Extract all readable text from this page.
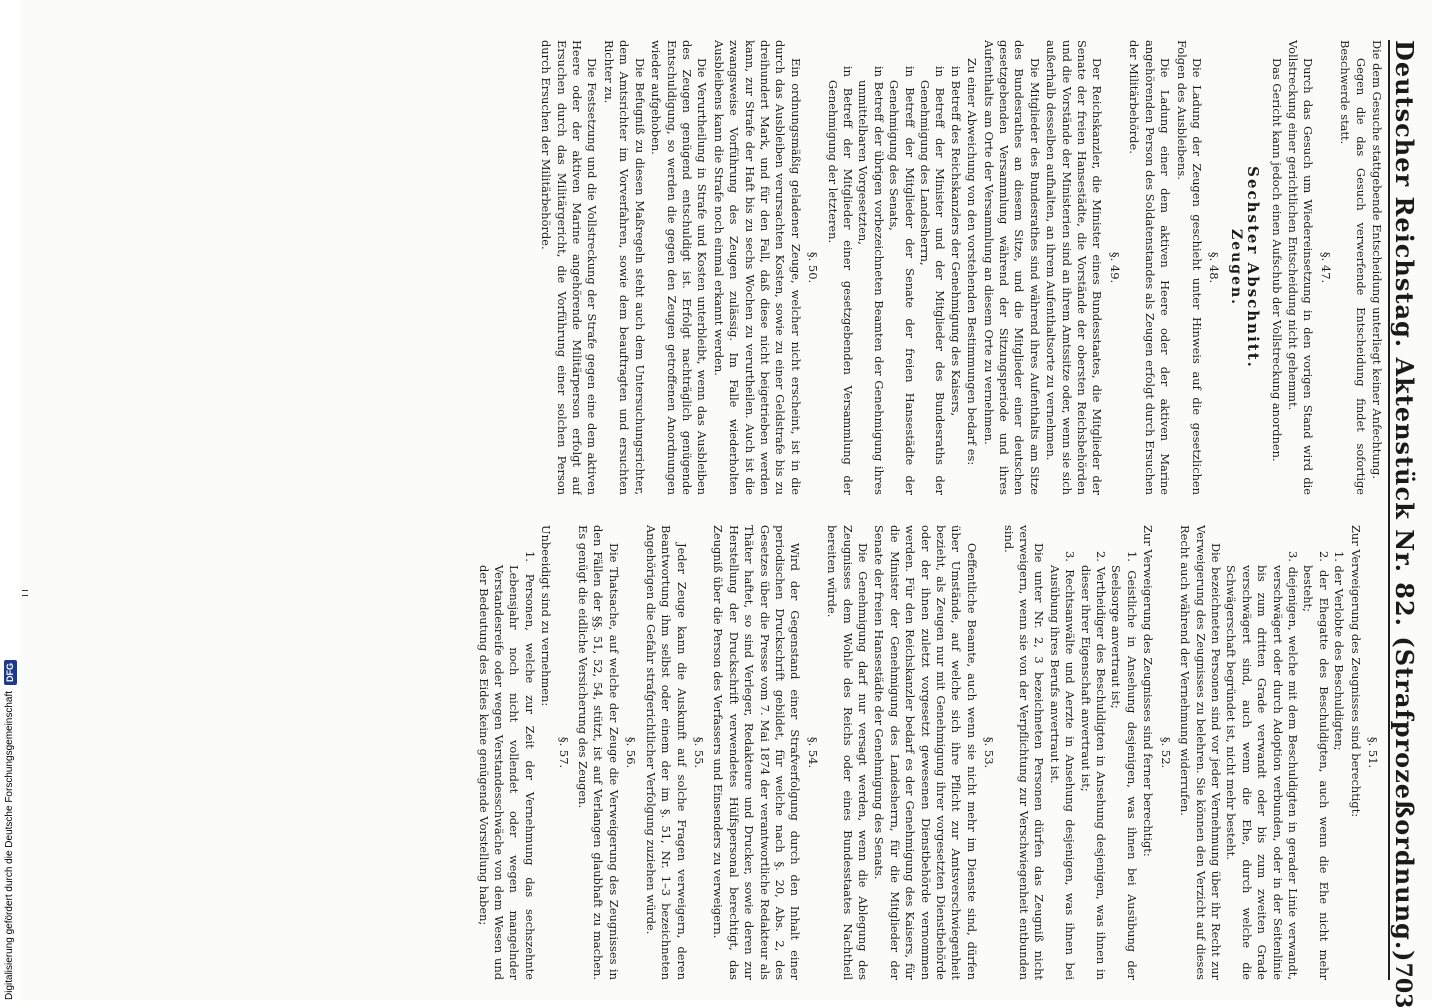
Deutscher Reichstag. Aktenstück Nr. 82. (Strafprozeßordnung.)
703

Die dem Gesuche stattgebende Entscheidung unterliegt keiner Anfechtung.

Gegen die das Gesuch verwerfende Entscheidung findet sofortige Beschwerde statt.

§. 47.

Durch das Gesuch um Wiedereinsetzung in den vorigen Stand wird die Vollstreckung einer gerichtlichen Entscheidung nicht gehemmt.

Das Gericht kann jedoch einen Aufschub der Vollstreckung anordnen.

Sechster Abschnitt.
Zeugen.
§. 48.

Die Ladung der Zeugen geschieht unter Hinweis auf die gesetzlichen Folgen des Ausbleibens.

Die Ladung einer dem aktiven Heere oder der aktiven Marine angehörenden Person des Soldatenstandes als Zeugen erfolgt durch Ersuchen der Militärbehörde.

§. 49.

Der Reichskanzler, die Minister eines Bundesstaates, die Mitglieder der Senate der freien Hansestädte, die Vorstände der obersten Reichsbehörden und die Vorstände der Ministerien sind an ihrem Amtssitze oder, wenn sie sich außerhalb desselben aufhalten, an ihrem Aufenthaltsorte zu vernehmen.

Die Mitglieder des Bundesrathes sind während ihres Aufenthalts am Sitze des Bundesrathes an diesem Sitze, und die Mitglieder einer deutschen gesetzgebenden Versammlung während der Sitzungsperiode und ihres Aufenthalts am Orte der Versammlung an diesem Orte zu vernehmen.

Zu einer Abweichung von den vorstehenden Bestimmungen bedarf es:

in Betreff des Reichskanzlers der Genehmigung des Kaisers,

in Betreff der Minister und der Mitglieder des Bundesraths der Genehmigung des Landesherrn,

in Betreff der Mitglieder der Senate der freien Hansestädte der Genehmigung des Senats,

in Betreff der übrigen vorbezeichneten Beamten der Genehmigung ihres unmittelbaren Vorgesetzten,

in Betreff der Mitglieder einer gesetzgebenden Versammlung der Genehmigung der letzteren.

§. 50.

Ein ordnungsmäßig geladener Zeuge, welcher nicht erscheint, ist in die durch das Ausbleiben verursachten Kosten, sowie zu einer Geldstrafe bis zu dreihundert Mark, und für den Fall, daß diese nicht beigetrieben werden kann, zur Strafe der Haft bis zu sechs Wochen zu verurtheilen. Auch ist die zwangsweise Vorführung des Zeugen zulässig. Im Falle wiederholten Ausbleibens kann die Strafe noch einmal erkannt werden.

Die Verurtheilung in Strafe und Kosten unterbleibt, wenn das Ausbleiben des Zeugen genügend entschuldigt ist. Erfolgt nachträglich genügende Entschuldigung, so werden die gegen den Zeugen getroffenen Anordnungen wieder aufgehoben.

Die Befugniß zu diesen Maßregeln steht auch dem Untersuchungsrichter, dem Amtsrichter im Vorverfahren, sowie dem beauftragten und ersuchten Richter zu.

Die Festsetzung und die Vollstreckung der Strafe gegen eine dem aktiven Heere oder der aktiven Marine angehörende Militärperson erfolgt auf Ersuchen durch das Militärgericht, die Vorführung einer solchen Person durch Ersuchen der Militärbehörde.

§. 51.

Zur Verweigerung des Zeugnisses sind berechtigt:

1. der Verlobte des Beschuldigten;

2. der Ehegatte des Beschuldigten, auch wenn die Ehe nicht mehr besteht;

3. diejenigen, welche mit dem Beschuldigten in gerader Linie verwandt, verschwägert oder durch Adoption verbunden, oder in der Seitenlinie bis zum dritten Grade verwandt oder bis zum zweiten Grade verschwägert sind, auch wenn die Ehe, durch welche die Schwägerschaft begründet ist, nicht mehr besteht.

Die bezeichneten Personen sind vor jeder Vernehmung über ihr Recht zur Verweigerung des Zeugnisses zu belehren. Sie können den Verzicht auf dieses Recht auch während der Vernehmung widerrufen.

§. 52.

Zur Verweigerung des Zeugnisses sind ferner berechtigt:

1. Geistliche in Ansehung desjenigen, was ihnen bei Ausübung der Seelsorge anvertraut ist;

2. Vertheidiger des Beschuldigten in Ansehung desjenigen, was ihnen in dieser ihrer Eigenschaft anvertraut ist;

3. Rechtsanwälte und Aerzte in Ansehung desjenigen, was ihnen bei Ausübung ihres Berufs anvertraut ist.

Die unter Nr. 2, 3 bezeichneten Personen dürfen das Zeugniß nicht verweigern, wenn sie von der Verpflichtung zur Verschwiegenheit entbunden sind.

§. 53.

Oeffentliche Beamte, auch wenn sie nicht mehr im Dienste sind, dürfen über Umstände, auf welche sich ihre Pflicht zur Amtsverschwiegenheit bezieht, als Zeugen nur mit Genehmigung ihrer vorgesetzten Dienstbehörde oder der ihnen zuletzt vorgesetzt gewesenen Dienstbehörde vernommen werden. Für den Reichskanzler bedarf es der Genehmigung des Kaisers, für die Minister der Genehmigung des Landesherrn, für die Mitglieder der Senate der freien Hansestädte der Genehmigung des Senats.

Die Genehmigung darf nur versagt werden, wenn die Ablegung des Zeugnisses dem Wohle des Reichs oder eines Bundesstaates Nachtheil bereiten würde.

§. 54.

Wird der Gegenstand einer Strafverfolgung durch den Inhalt einer periodischen Druckschrift gebildet, für welche nach §. 20, Abs. 2, des Gesetzes über die Presse vom 7. Mai 1874 der verantwortliche Redakteur als Thäter haftet, so sind Verleger, Redakteure und Drucker, sowie deren zur Herstellung der Druckschrift verwendetes Hülfspersonal berechtigt, das Zeugniß über die Person des Verfassers und Einsenders zu verweigern.

§. 55.

Jeder Zeuge kann die Auskunft auf solche Fragen verweigern, deren Beantwortung ihm selbst oder einem der im §. 51, Nr. 1–3 bezeichneten Angehörigen die Gefahr strafgerichtlicher Verfolgung zuziehen würde.

§. 56.

Die Thatsache, auf welche der Zeuge die Verweigerung des Zeugnisses in den Fällen der §§. 51, 52, 54, stützt, ist auf Verlangen glaubhaft zu machen. Es genügt die eidliche Versicherung des Zeugen.

§. 57.

Unbeeidigt sind zu vernehmen:

1. Personen, welche zur Zeit der Vernehmung das sechszehnte Lebensjahr noch nicht vollendet oder wegen mangelnder Verstandesreife oder wegen Verstandesschwäche von dem Wesen und der Bedeutung des Eides keine genügende Vorstellung haben;

Digitalisierung gefördert durch die Deutsche Forschungsgemeinschaft
DFG
